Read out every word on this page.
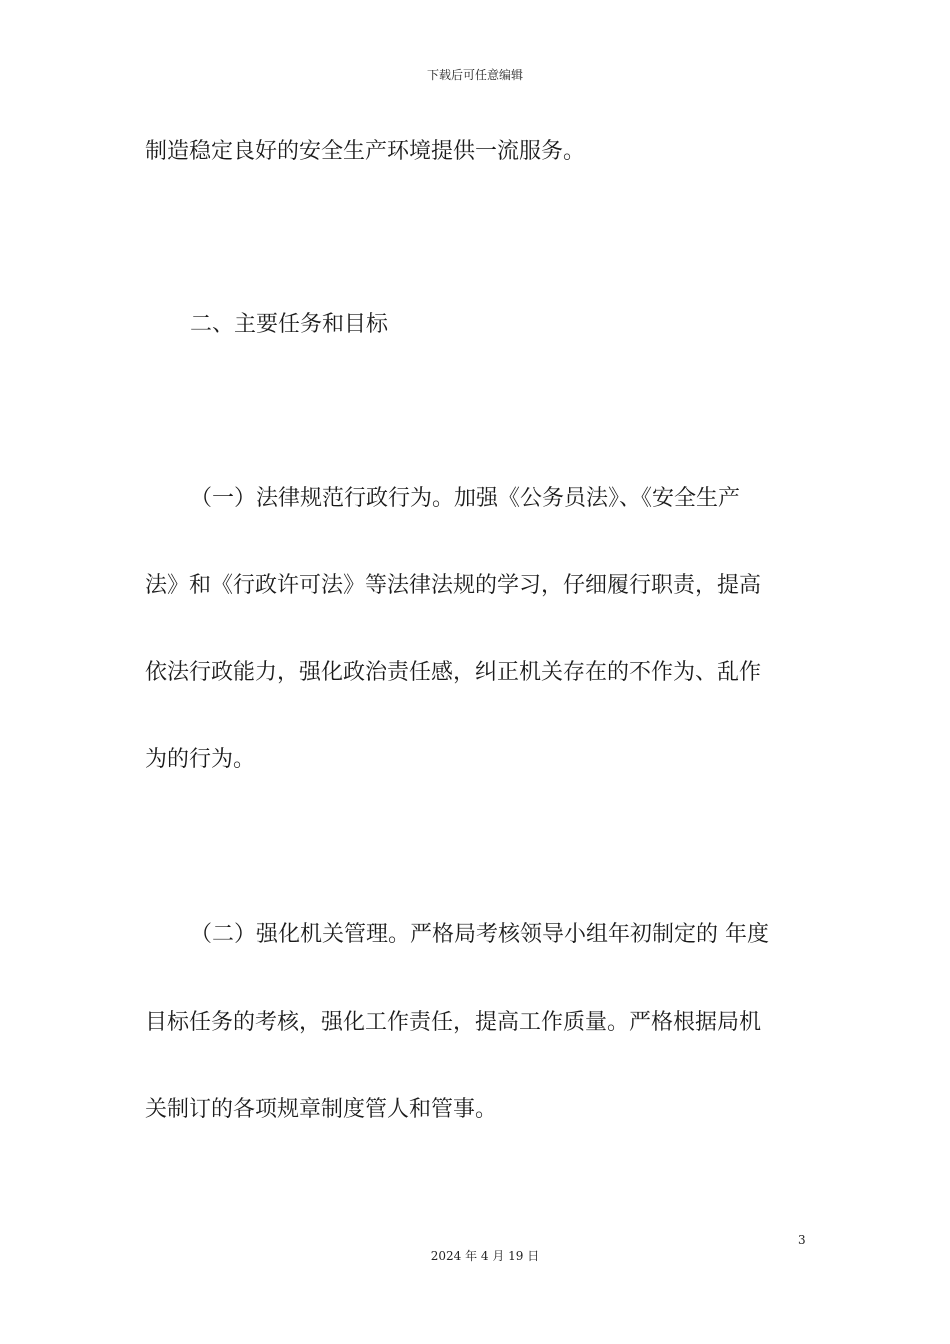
下载后可任意编辑
制造稳定良好的安全生产环境提供一流服务。
二、主要任务和目标
（一）法律规范行政行为。加强《公务员法》、《安全生产
法》和《行政许可法》等法律法规的学习，仔细履行职责，提高
依法行政能力，强化政治责任感，纠正机关存在的不作为、乱作
为的行为。
（二）强化机关管理。严格局考核领导小组年初制定的 年度
目标任务的考核，强化工作责任，提高工作质量。严格根据局机
关制订的各项规章制度管人和管事。
3
2024 年 4 月 19 日
